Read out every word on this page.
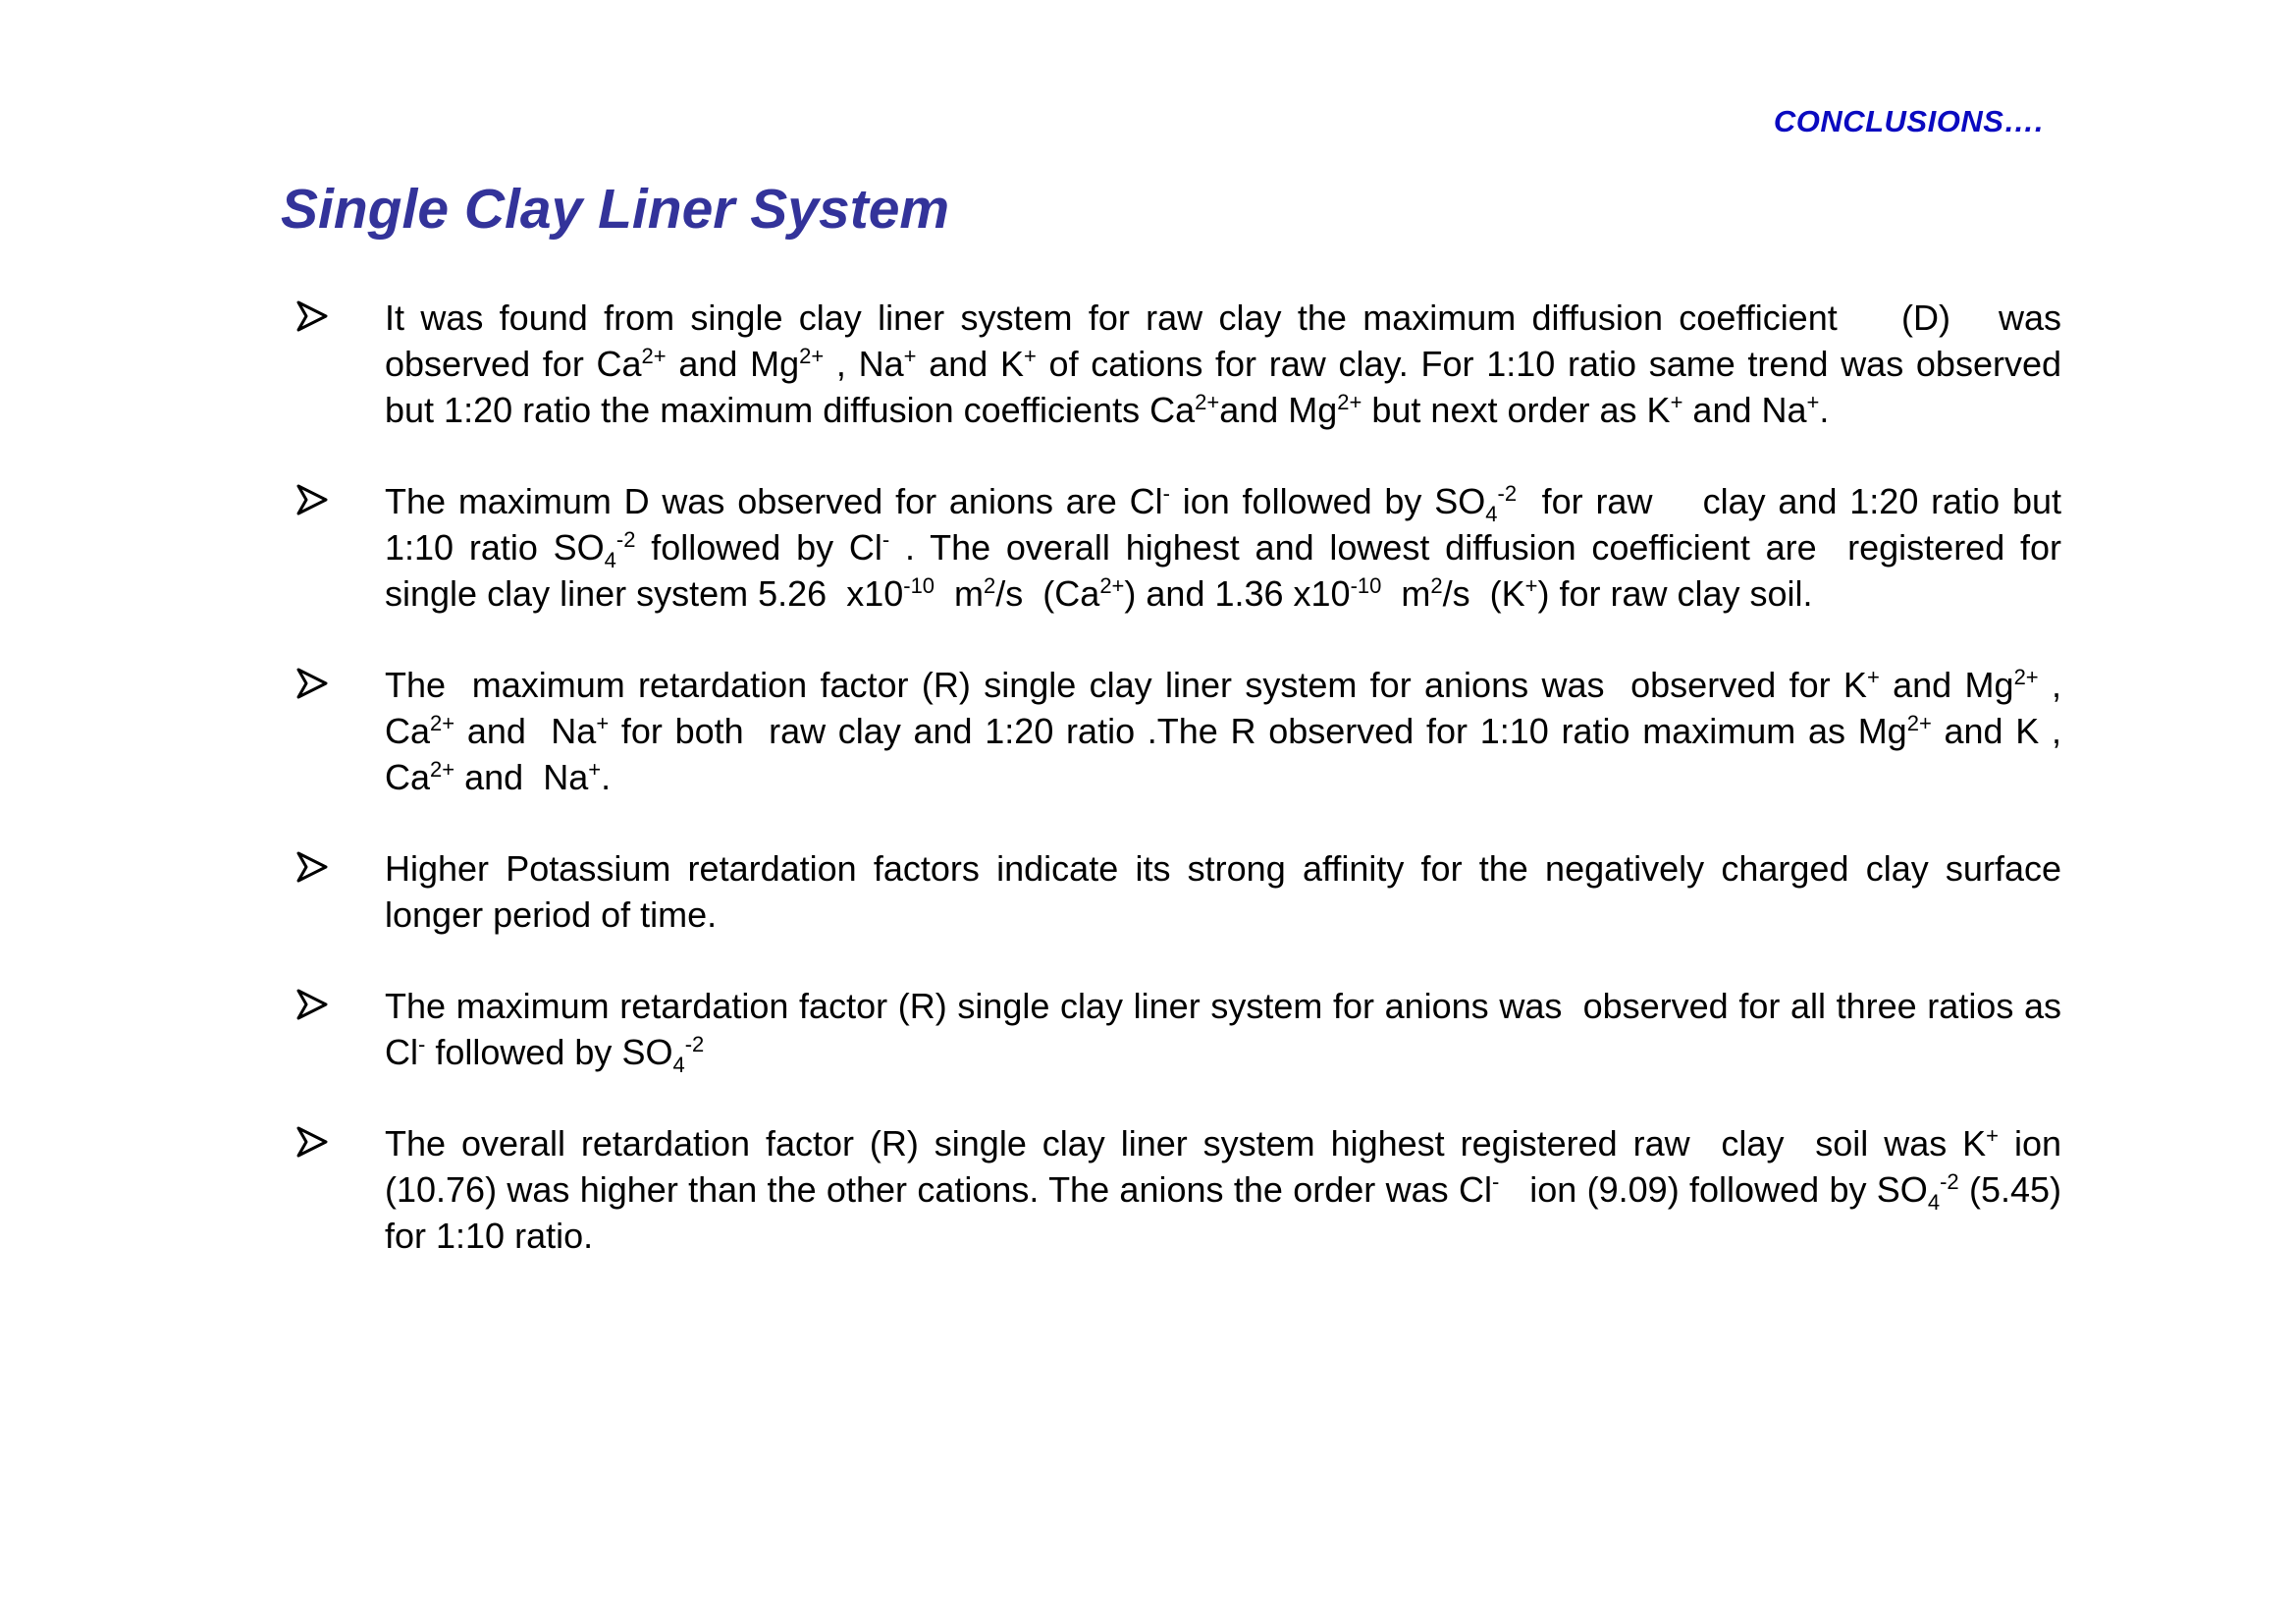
CONCLUSIONS….
Single Clay Liner System
It was found from single clay liner system for raw clay the maximum diffusion coefficient    (D)   was observed for $Ca^{2+}$ and $Mg^{2+}$ , Na+ and K+ of cations for raw clay. For 1:10 ratio same trend was observed but 1:20 ratio the maximum diffusion coefficients $Ca^{2+}and$ $Mg^{2+}$ but next order as K+ and Na+.
The maximum D was observed for anions are Cl- ion followed by $SO_4^{-2}$  for raw    clay and 1:20 ratio but 1:10 ratio $SO_4^{-2}$ followed by Cl- . The overall highest and lowest diffusion coefficient are  registered for single clay liner system 5.26  $x10^{-10}$  $m^2/s$  $(Ca^{2+})$ and 1.36 $x10^{-10}$  $m^2/s$  (K+) for raw clay soil.
The  maximum retardation factor (R) single clay liner system for anions was  observed for K+ and $Mg^{2+}$ , $Ca^{2+}$ and  Na+ for both  raw clay and 1:20 ratio .The R observed for 1:10 ratio maximum as $Mg^{2+}$ and K , $Ca^{2+}$ and  Na+.
Higher Potassium retardation factors indicate its strong affinity for the negatively charged clay surface longer period of time.
The maximum retardation factor (R) single clay liner system for anions was  observed for all three ratios as Cl- followed by $SO_4^{-2}$
The overall retardation factor (R) single clay liner system highest registered raw  clay  soil was K+ ion (10.76) was higher than the other cations. The anions the order was Cl-   ion (9.09) followed by $SO_4^{-2}$ (5.45) for 1:10 ratio.
